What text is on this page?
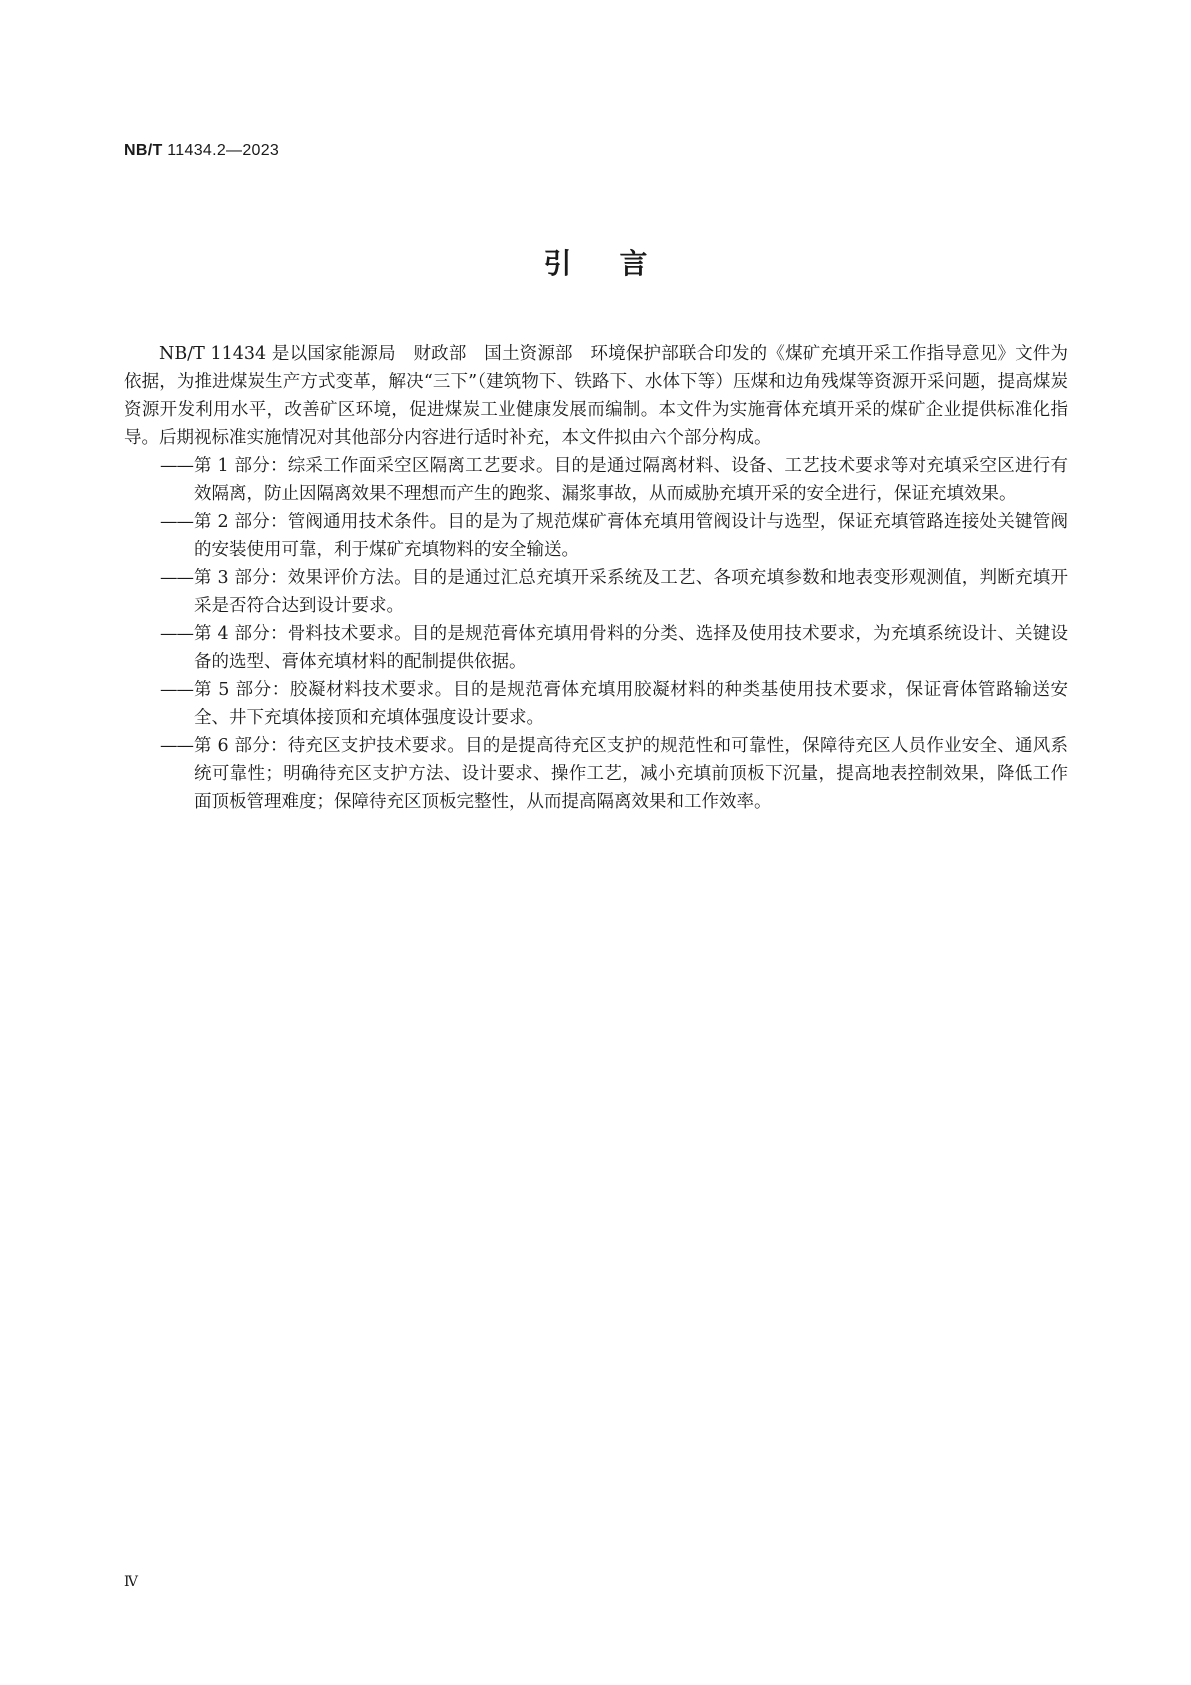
NB/T 11434.2—2023
引言

NB/T 11434 是以国家能源局　财政部　国土资源部　环境保护部联合印发的《煤矿充填开采工作指导意见》文件为依据，为推进煤炭生产方式变革，解决“三下”（建筑物下、铁路下、水体下等）压煤和边角残煤等资源开采问题，提高煤炭资源开发利用水平，改善矿区环境，促进煤炭工业健康发展而编制。本文件为实施膏体充填开采的煤矿企业提供标准化指导。后期视标准实施情况对其他部分内容进行适时补充，本文件拟由六个部分构成。

—— 第 1 部分：综采工作面采空区隔离工艺要求。目的是通过隔离材料、设备、工艺技术要求等对充填采空区进行有效隔离，防止因隔离效果不理想而产生的跑浆、漏浆事故，从而威胁充填开采的安全进行，保证充填效果。
—— 第 2 部分：管阀通用技术条件。目的是为了规范煤矿膏体充填用管阀设计与选型，保证充填管路连接处关键管阀的安装使用可靠，利于煤矿充填物料的安全输送。
—— 第 3 部分：效果评价方法。目的是通过汇总充填开采系统及工艺、各项充填参数和地表变形观测值，判断充填开采是否符合达到设计要求。
—— 第 4 部分：骨料技术要求。目的是规范膏体充填用骨料的分类、选择及使用技术要求，为充填系统设计、关键设备的选型、膏体充填材料的配制提供依据。
—— 第 5 部分：胶凝材料技术要求。目的是规范膏体充填用胶凝材料的种类基使用技术要求，保证膏体管路输送安全、井下充填体接顶和充填体强度设计要求。
—— 第 6 部分：待充区支护技术要求。目的是提高待充区支护的规范性和可靠性，保障待充区人员作业安全、通风系统可靠性；明确待充区支护方法、设计要求、操作工艺，减小充填前顶板下沉量，提高地表控制效果，降低工作面顶板管理难度；保障待充区顶板完整性，从而提高隔离效果和工作效率。
Ⅳ
